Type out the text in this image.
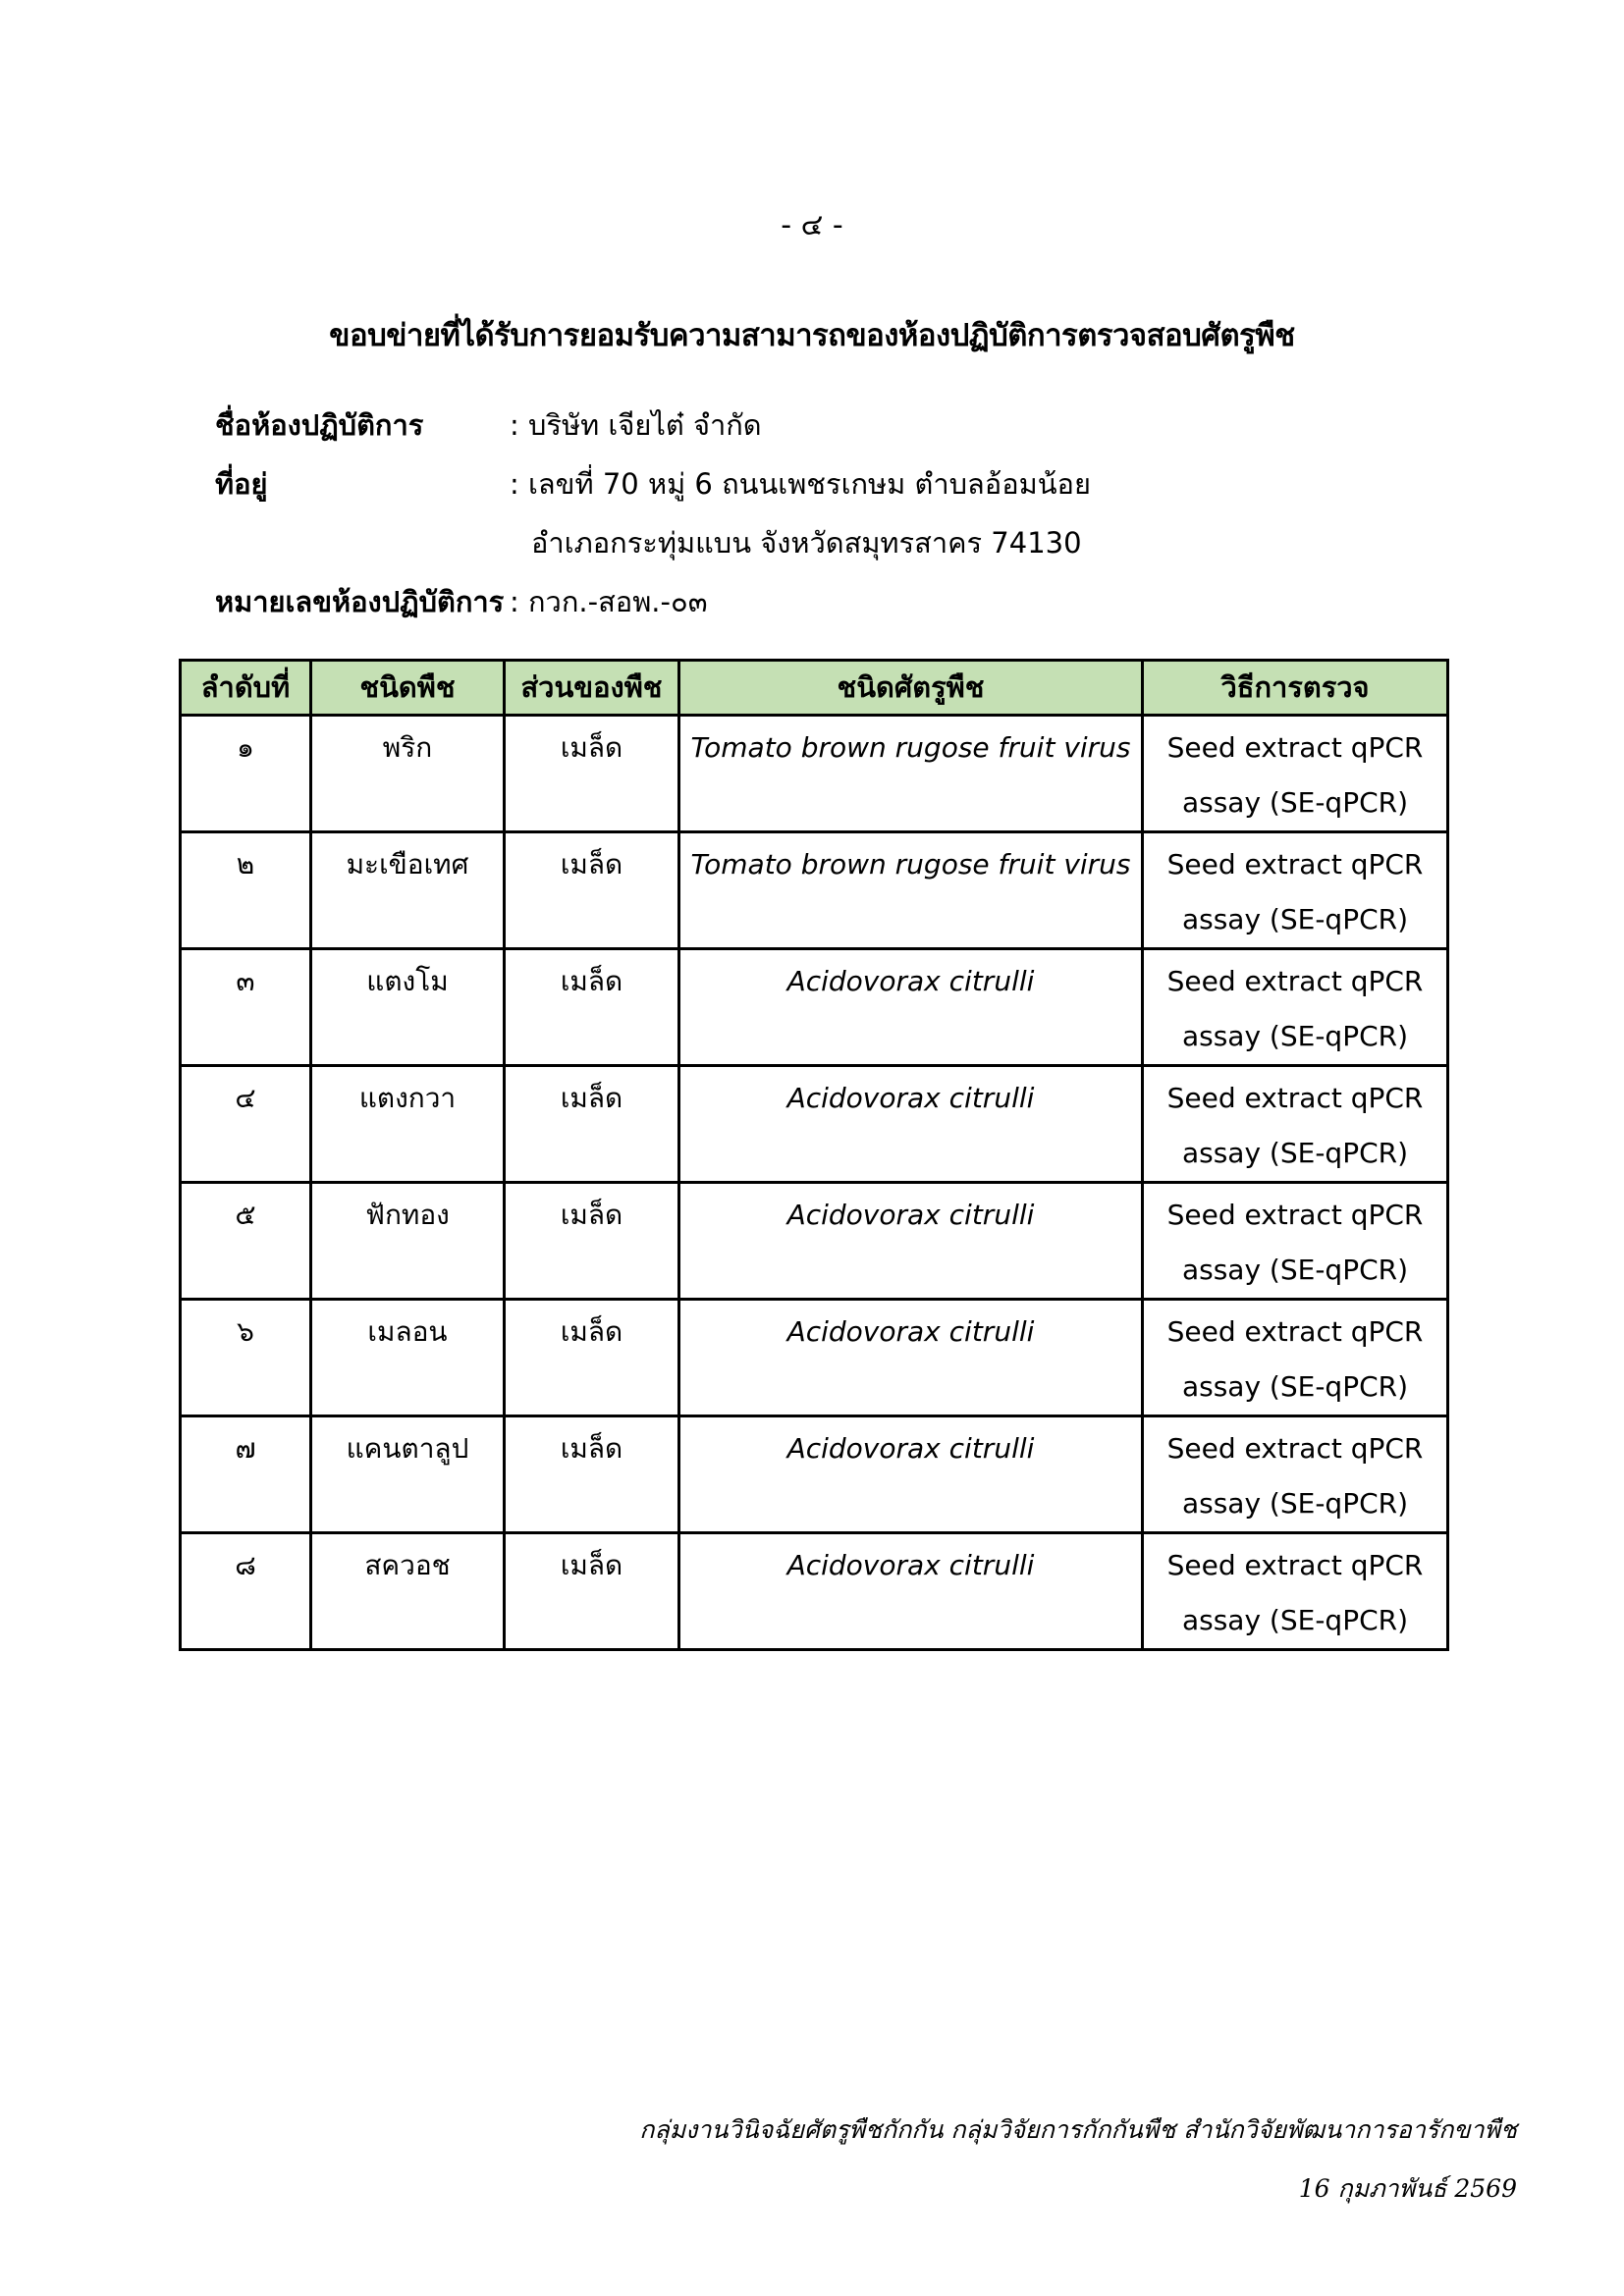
- ๔ -
ขอบข่ายที่ได้รับการยอมรับความสามารถของห้องปฏิบัติการตรวจสอบศัตรูพืช
ชื่อห้องปฏิบัติการ	: บริษัท เจียไต๋ จำกัด
ที่อยู่	: เลขที่ 70 หมู่ 6 ถนนเพชรเกษม ตำบลอ้อมน้อย
อำเภอกระทุ่มแบน จังหวัดสมุทรสาคร 74130
หมายเลขห้องปฏิบัติการ : กวก.-สอพ.-๐๓
ลำดับที่	ชนิดพืช	ส่วนของพืช	ชนิดศัตรูพืช	วิธีการตรวจ
๑	พริก	เมล็ด	Tomato brown rugose fruit virus	Seed extract qPCR
assay (SE-qPCR)

๒	มะเขือเทศ	เมล็ด	Tomato brown rugose fruit virus	Seed extract qPCR
assay (SE-qPCR)

๓	แตงโม	เมล็ด	Acidovorax citrulli	Seed extract qPCR
assay (SE-qPCR)

๔	แตงกวา	เมล็ด	Acidovorax citrulli	Seed extract qPCR
assay (SE-qPCR)

๕	ฟักทอง	เมล็ด	Acidovorax citrulli	Seed extract qPCR
assay (SE-qPCR)

๖	เมลอน	เมล็ด	Acidovorax citrulli	Seed extract qPCR
assay (SE-qPCR)

๗	แคนตาลูป	เมล็ด	Acidovorax citrulli	Seed extract qPCR
assay (SE-qPCR)

๘	สควอช	เมล็ด	Acidovorax citrulli	Seed extract qPCR
assay (SE-qPCR)
กลุ่มงานวินิจฉัยศัตรูพืชกักกัน กลุ่มวิจัยการกักกันพืช สำนักวิจัยพัฒนาการอารักขาพืช
16 กุมภาพันธ์ 2569
